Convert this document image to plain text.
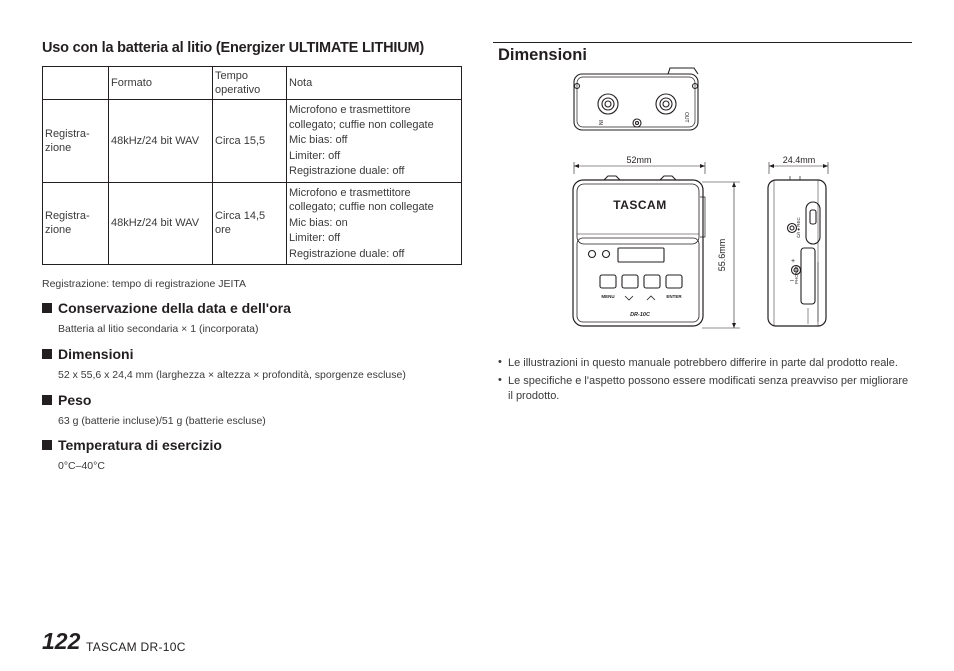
Uso con la batteria al litio (Energizer ULTIMATE LITHIUM)
	Formato	Tempo operativo	Nota
Registra-zione	48kHz/24 bit WAV	Circa 15,5	Microfono e trasmettitore collegato; cuffie non collegate
Mic bias: off
Limiter: off
Registrazione duale: off

Registra-zione	48kHz/24 bit WAV	Circa 14,5 ore	Microfono e trasmettitore collegato; cuffie non collegate
Mic bias: on
Limiter: off
Registrazione duale: off
Registrazione: tempo di registrazione JEITA
Conservazione della data e dell'ora
Batteria al litio secondaria × 1 (incorporata)
Dimensioni
52 x 55,6 x 24,4 mm (larghezza × altezza × profondità, sporgenze escluse)
Peso
63 g (batterie incluse)/51 g (batterie escluse)
Temperatura di esercizio
0°C–40°C
Dimensioni
IN	OUT
52mm	24.4mm
55.6mm
TASCAM
MENU	ENTER
DR-10C
PHONES
⏻/I ● REC
+
–
• Le illustrazioni in questo manuale potrebbero differire in parte dal prodotto reale.
• Le specifiche e l'aspetto possono essere modificati senza preavviso per migliorare il prodotto.
122 TASCAM DR-10C
